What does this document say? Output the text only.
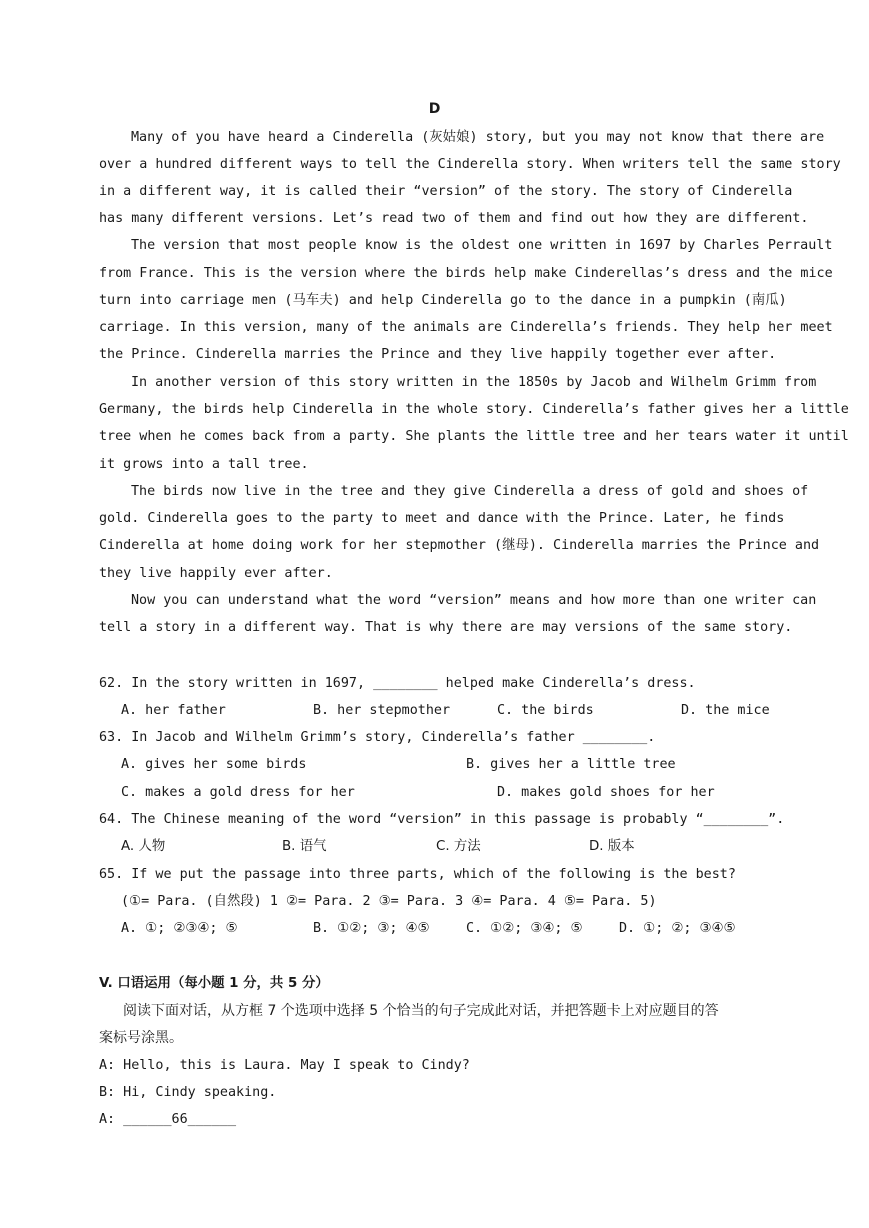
D
Many of you have heard a Cinderella (灰姑娘) story, but you may not know that there are
over a hundred different ways to tell the Cinderella story. When writers tell the same story
in a different way, it is called their “version” of the story. The story of Cinderella
has many different versions. Let’s read two of them and find out how they are different.
The version that most people know is the oldest one written in 1697 by Charles Perrault
from France. This is the version where the birds help make Cinderellas’s dress and the mice
turn into carriage men (马车夫) and help Cinderella go to the dance in a pumpkin (南瓜)
carriage. In this version, many of the animals are Cinderella’s friends. They help her meet
the Prince. Cinderella marries the Prince and they live happily together ever after.
In another version of this story written in the 1850s by Jacob and Wilhelm Grimm from
Germany, the birds help Cinderella in the whole story. Cinderella’s father gives her a little
tree when he comes back from a party. She plants the little tree and her tears water it until
it grows into a tall tree.
The birds now live in the tree and they give Cinderella a dress of gold and shoes of
gold. Cinderella goes to the party to meet and dance with the Prince. Later, he finds
Cinderella at home doing work for her stepmother (继母). Cinderella marries the Prince and
they live happily ever after.
Now you can understand what the word “version” means and how more than one writer can
tell a story in a different way. That is why there are may versions of the same story.
62. In the story written in 1697, ________ helped make Cinderella’s dress.
A. her father	B. her stepmother	C. the birds	D. the mice
63. In Jacob and Wilhelm Grimm’s story, Cinderella’s father ________.
A. gives her some birds	B. gives her a little tree
C. makes a gold dress for her	D. makes gold shoes for her
64. The Chinese meaning of the word “version” in this passage is probably “________”.
A. 人物	B. 语气	C. 方法	D. 版本
65. If we put the passage into three parts, which of the following is the best?
(①= Para. (自然段) 1 ②= Para. 2 ③= Para. 3 ④= Para. 4 ⑤= Para. 5)
A. ①; ②③④; ⑤	B. ①②; ③; ④⑤	C. ①②; ③④; ⑤	D. ①; ②; ③④⑤
V. 口语运用（每小题 1 分，共 5 分）
阅读下面对话，从方框 7 个选项中选择 5 个恰当的句子完成此对话，并把答题卡上对应题目的答
案标号涂黑。
A: Hello, this is Laura. May I speak to Cindy?
B: Hi, Cindy speaking.
A: ______66______
